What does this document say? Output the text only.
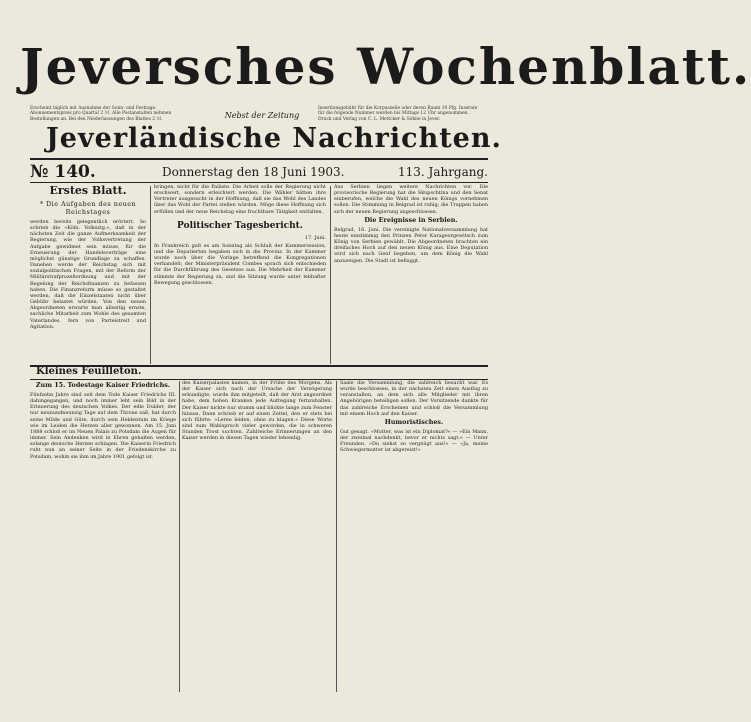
Jeversches Wochenblatt.
Erscheint täglich mit Ausnahme der Sonn- und Festtage. Abonnementspreis pro Quartal 2 ℳ. Alle Postanstalten nehmen Bestellungen an. Bei den Niederlassungen des Blattes 2 ℳ.	Nebst der Zeitung
Insertionsgebühr für die Korpuszeile oder deren Raum 10 Pfg. Inserate für die folgende Nummer werden bis Mittags 12 Uhr angenommen. Druck und Verlag von C. L. Mettcker & Söhne in Jever.
Jeverländische Nachrichten.
№ 140.	Donnerstag den 18 Juni 1903.	113. Jahrgang.
Erstes Blatt.
* Die Aufgaben des neuen Reichstages

werden bereits gelegentlich erörtert. So schrieb die »Köln. Volksztg.«, daß in der nächsten Zeit die ganze Aufmerksamkeit der Regierung, wie der Volksvertretung der Aufgabe gewidmet sein müsse, für die Erneuerung der Handelsverträge eine möglichst günstige Grundlage zu schaffen. Daneben werde der Reichstag sich mit sozialpolitischen Fragen, mit der Reform der Militärstrafprozeßordnung und mit der Regelung der Reichsfinanzen zu befassen haben. Die Finanzreform müsse so gestaltet werden, daß die Einzelstaaten nicht über Gebühr belastet würden. Von den neuen Abgeordneten erwarte man allseitig ernste, sachliche Mitarbeit zum Wohle des gesamten Vaterlandes, fern von Parteistreit und Agitation.

bringen, nicht für die Paläste. Die Arbeit solle der Regierung nicht erschwert, sondern erleichtert werden. Die Wähler hätten ihre Vertreter ausgesucht in der Hoffnung, daß sie das Wohl des Landes über das Wohl der Partei stellen würden. Möge diese Hoffnung sich erfüllen und der neue Reichstag eine fruchtbare Tätigkeit entfalten.

Politischer Tagesbericht.
17. Juni.

In Frankreich galt es am Sonntag als Schluß der Kammersession, und die Deputierten begaben sich in die Provinz. In der Kammer wurde noch über die Vorlage betreffend die Kongregationen verhandelt; der Ministerpräsident Combes sprach sich entschieden für die Durchführung des Gesetzes aus. Die Mehrheit der Kammer stimmte der Regierung zu, und die Sitzung wurde unter lebhafter Bewegung geschlossen.

Aus Serbien liegen weitere Nachrichten vor. Die provisorische Regierung hat die Skupschtina und den Senat einberufen, welche die Wahl des neuen Königs vornehmen sollen. Die Stimmung in Belgrad ist ruhig; die Truppen haben sich der neuen Regierung angeschlossen.

Die Ereignisse in Serbien.

Belgrad, 16. Juni. Die vereinigte Nationalversammlung hat heute einstimmig den Prinzen Peter Karageorgewitsch zum König von Serbien gewählt. Die Abgeordneten brachten ein dreifaches Hoch auf den neuen König aus. Eine Deputation wird sich nach Genf begeben, um dem König die Wahl anzuzeigen. Die Stadt ist beflaggt.

Kleines Feuilleton.
Zum 15. Todestage Kaiser Friedrichs.

Fünfzehn Jahre sind seit dem Tode Kaiser Friedrichs III. dahingegangen, und noch immer lebt sein Bild in der Erinnerung des deutschen Volkes. Der edle Dulder, der nur neunundneunzig Tage auf dem Throne saß, hat durch seine Milde und Güte, durch sein Heldentum im Kriege wie im Leiden die Herzen aller gewonnen. Am 15. Juni 1888 schloß er im Neuen Palais zu Potsdam die Augen für immer. Sein Andenken wird in Ehren gehalten werden, solange deutsche Herzen schlagen. Die Kaiserin Friedrich ruht nun an seiner Seite in der Friedenskirche zu Potsdam, wohin sie ihm im Jahre 1901 gefolgt ist.

des Kaiserpalastes kamen, in der Frühe des Morgens. Als der Kaiser sich nach der Ursache der Verzögerung erkundigte, wurde ihm mitgeteilt, daß der Arzt angeordnet habe, dem hohen Kranken jede Aufregung fernzuhalten. Der Kaiser nickte nur stumm und blickte lange zum Fenster hinaus. Dann schrieb er auf einen Zettel, den er stets bei sich führte: »Lerne leiden, ohne zu klagen.« Diese Worte sind zum Wahlspruch vieler geworden, die in schweren Stunden Trost suchten. Zahlreiche Erinnerungen an den Kaiser werden in diesen Tagen wieder lebendig.

Saale die Versammlung, die zahlreich besucht war. Es wurde beschlossen, in der nächsten Zeit einen Ausflug zu veranstalten, an dem sich alle Mitglieder mit ihren Angehörigen beteiligen sollen. Der Vorsitzende dankte für das zahlreiche Erscheinen und schloß die Versammlung mit einem Hoch auf den Kaiser.

Humoristisches.

Gut gesagt. »Mutter, was ist ein Diplomat?« — »Ein Mann, der zweimal nachdenkt, bevor er nichts sagt.« — Unter Freunden. »Du siehst so vergnügt aus!« — »Ja, meine Schwiegermutter ist abgereist!«
